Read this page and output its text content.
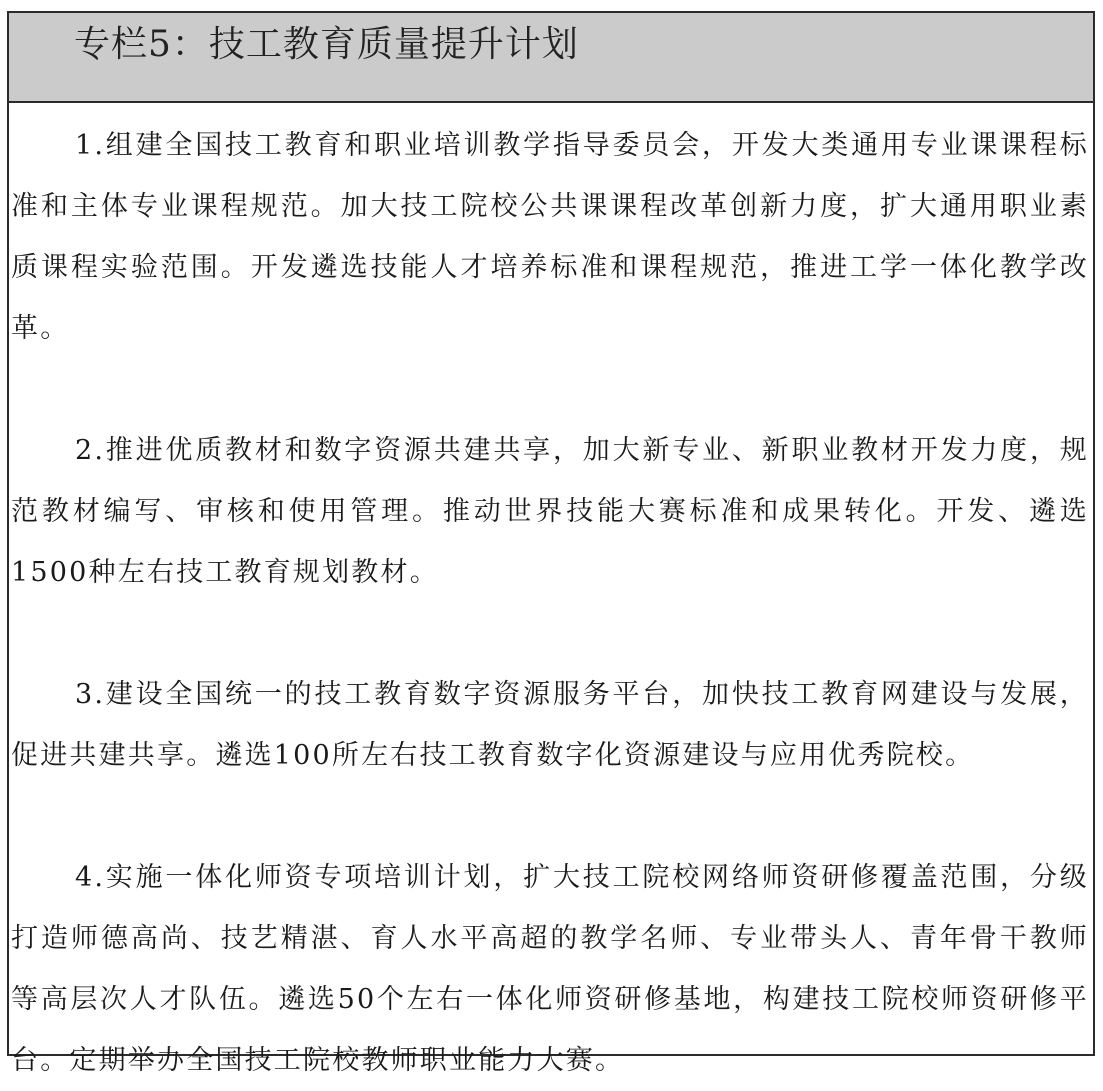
专栏5：技工教育质量提升计划

1.组建全国技工教育和职业培训教学指导委员会，开发大类通用专业课课程标准和主体专业课程规范。加大技工院校公共课课程改革创新力度，扩大通用职业素质课程实验范围。开发遴选技能人才培养标准和课程规范，推进工学一体化教学改革。

2.推进优质教材和数字资源共建共享，加大新专业、新职业教材开发力度，规范教材编写、审核和使用管理。推动世界技能大赛标准和成果转化。开发、遴选1500种左右技工教育规划教材。

3.建设全国统一的技工教育数字资源服务平台，加快技工教育网建设与发展，促进共建共享。遴选100所左右技工教育数字化资源建设与应用优秀院校。

4.实施一体化师资专项培训计划，扩大技工院校网络师资研修覆盖范围，分级打造师德高尚、技艺精湛、育人水平高超的教学名师、专业带头人、青年骨干教师等高层次人才队伍。遴选50个左右一体化师资研修基地，构建技工院校师资研修平台。定期举办全国技工院校教师职业能力大赛。
